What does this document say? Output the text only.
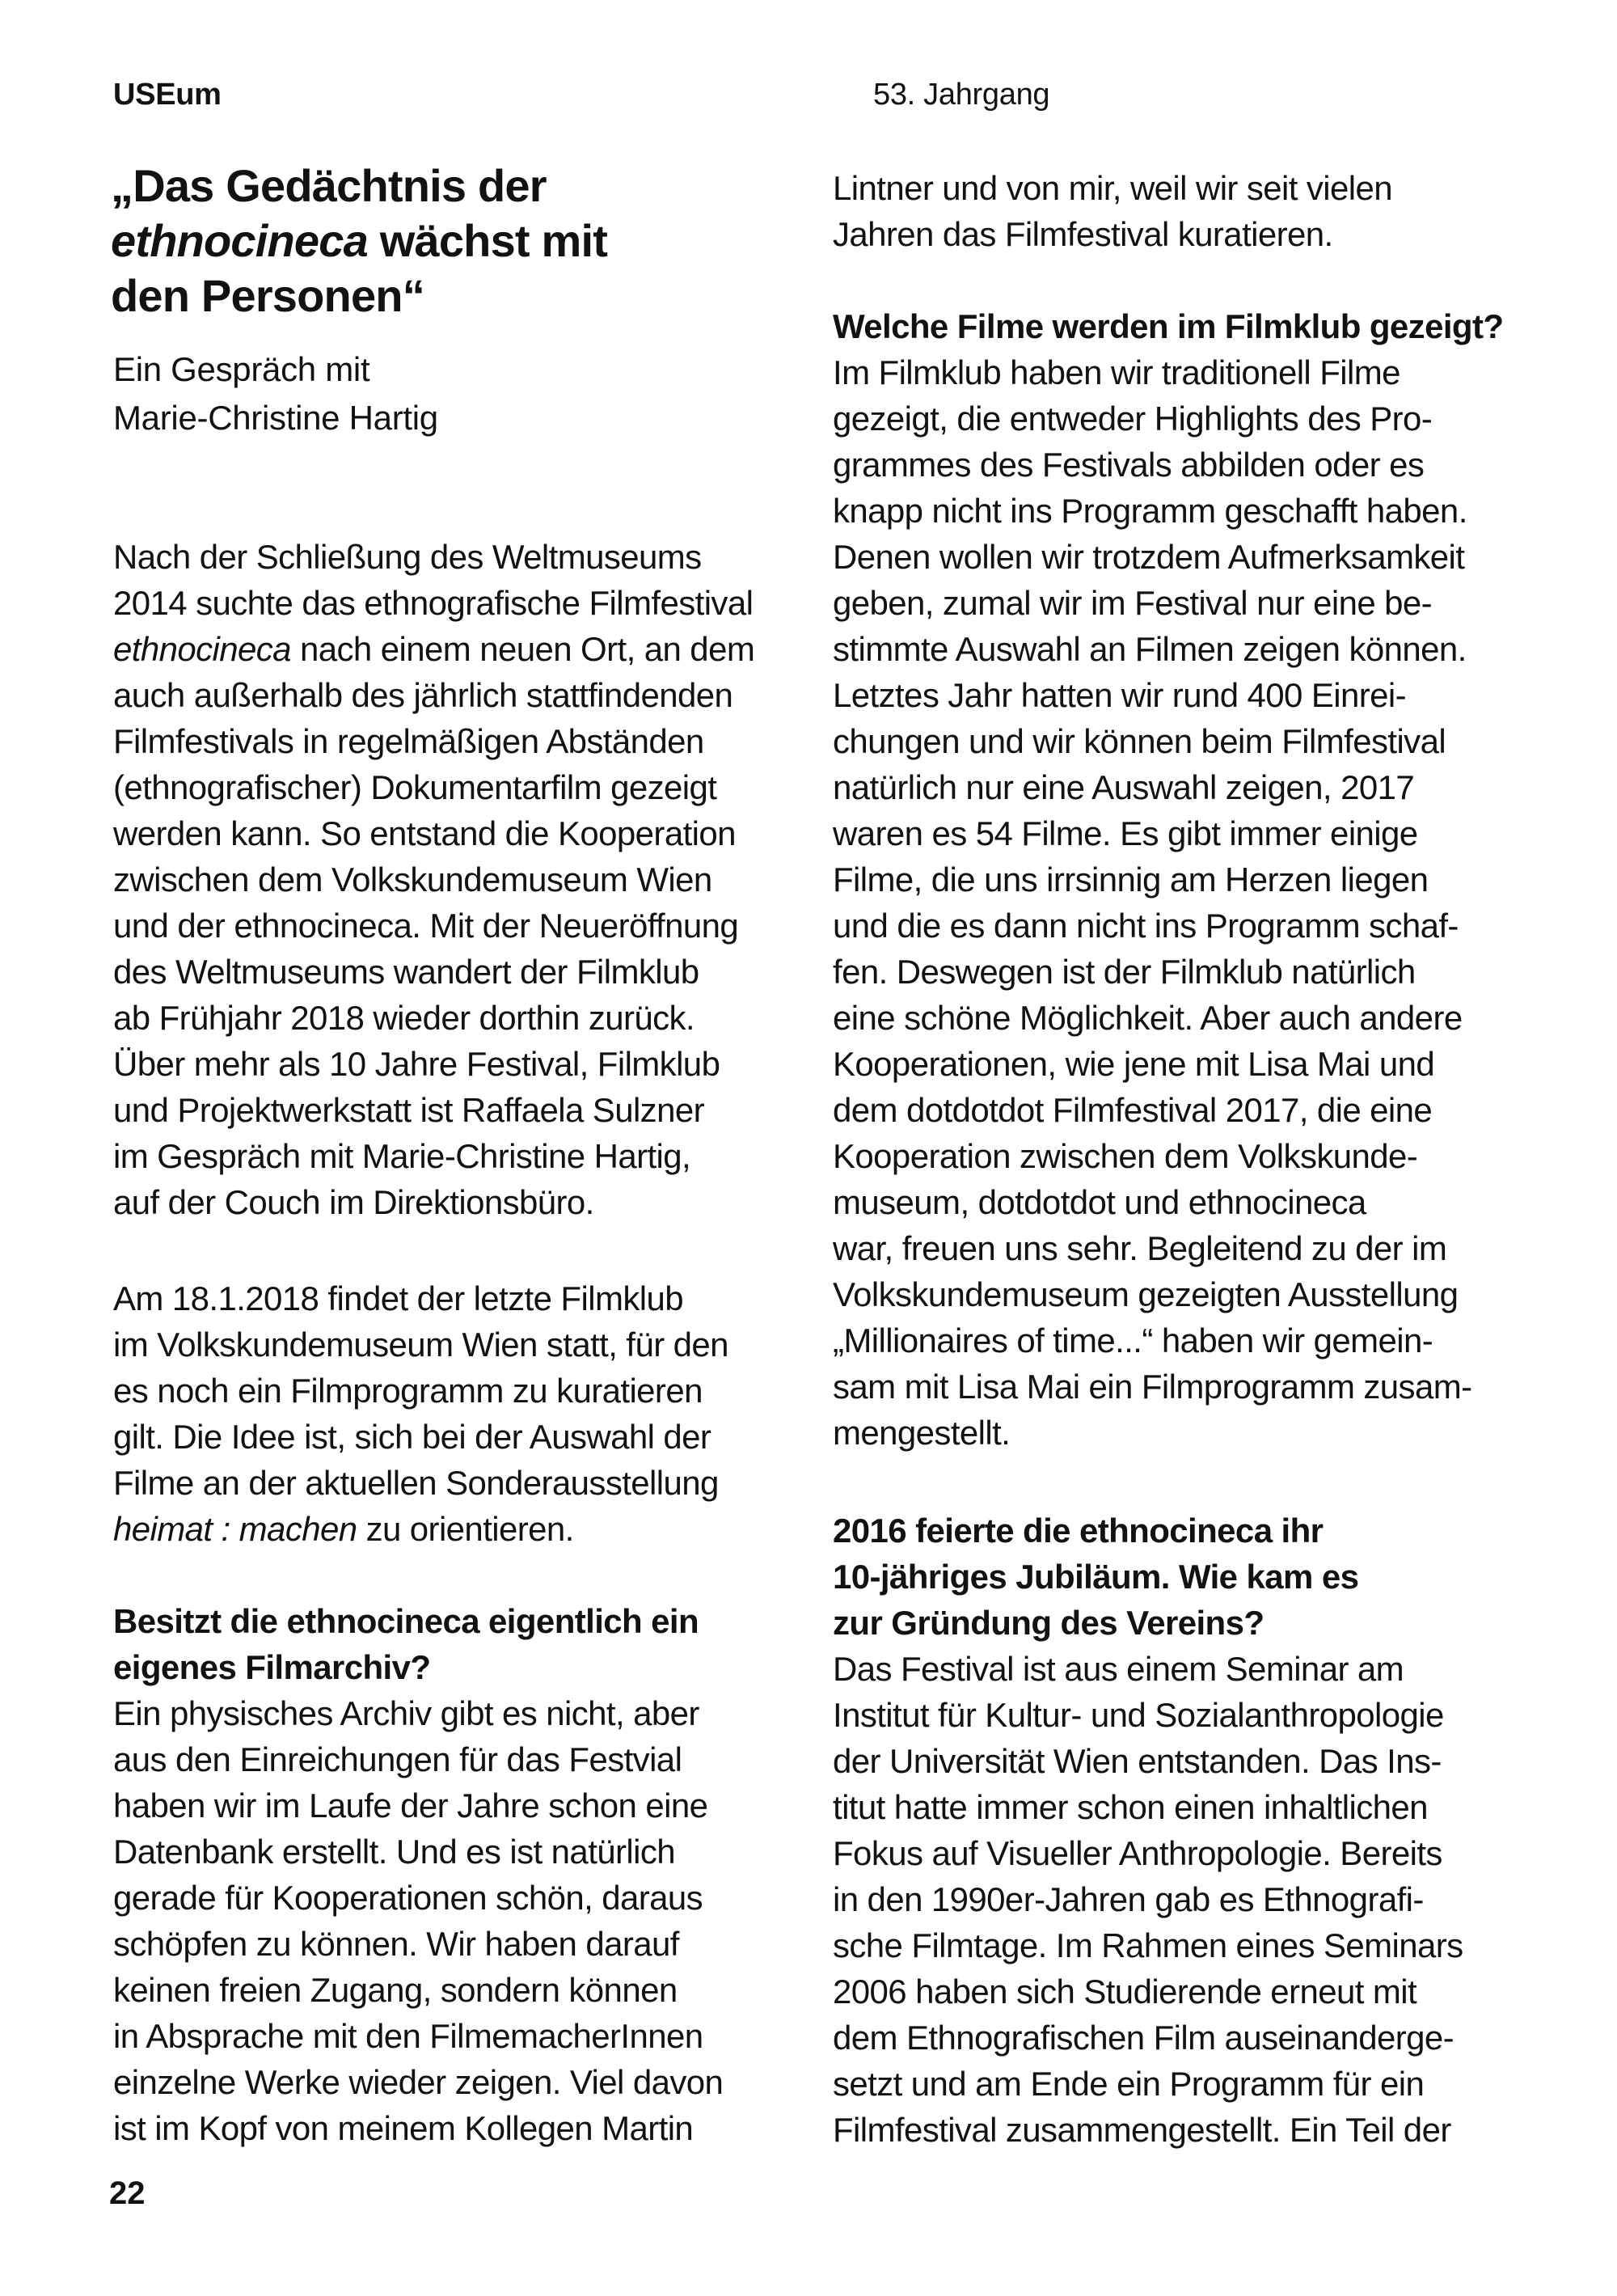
USEum	53. Jahrgang
„Das Gedächtnis der
ethnocineca wächst mit
den Personen“
Ein Gespräch mit
Marie-Christine Hartig
Nach der Schließung des Weltmuseums
2014 suchte das ethnografische Filmfestival
ethnocineca nach einem neuen Ort, an dem
auch außerhalb des jährlich stattfindenden
Filmfestivals in regelmäßigen Abständen
(ethnografischer) Dokumentarfilm gezeigt
werden kann. So entstand die Kooperation
zwischen dem Volkskundemuseum Wien
und der ethnocineca. Mit der Neueröffnung
des Weltmuseums wandert der Filmklub
ab Frühjahr 2018 wieder dorthin zurück.
Über mehr als 10 Jahre Festival, Filmklub
und Projektwerkstatt ist Raffaela Sulzner
im Gespräch mit Marie-Christine Hartig,
auf der Couch im Direktionsbüro.
Am 18.1.2018 findet der letzte Filmklub
im Volkskundemuseum Wien statt, für den
es noch ein Filmprogramm zu kuratieren
gilt. Die Idee ist, sich bei der Auswahl der
Filme an der aktuellen Sonderausstellung
heimat : machen zu orientieren.
Besitzt die ethnocineca eigentlich ein
eigenes Filmarchiv?
Ein physisches Archiv gibt es nicht, aber
aus den Einreichungen für das Festvial
haben wir im Laufe der Jahre schon eine
Datenbank erstellt. Und es ist natürlich
gerade für Kooperationen schön, daraus
schöpfen zu können. Wir haben darauf
keinen freien Zugang, sondern können
in Absprache mit den FilmemacherInnen
einzelne Werke wieder zeigen. Viel davon
ist im Kopf von meinem Kollegen Martin
22
Lintner und von mir, weil wir seit vielen
Jahren das Filmfestival kuratieren.
Welche Filme werden im Filmklub gezeigt?
Im Filmklub haben wir traditionell Filme
gezeigt, die entweder Highlights des Pro-
grammes des Festivals abbilden oder es
knapp nicht ins Programm geschafft haben.
Denen wollen wir trotzdem Aufmerksamkeit
geben, zumal wir im Festival nur eine be-
stimmte Auswahl an Filmen zeigen können.
Letztes Jahr hatten wir rund 400 Einrei-
chungen und wir können beim Filmfestival
natürlich nur eine Auswahl zeigen, 2017
waren es 54 Filme. Es gibt immer einige
Filme, die uns irrsinnig am Herzen liegen
und die es dann nicht ins Programm schaf-
fen. Deswegen ist der Filmklub natürlich
eine schöne Möglichkeit. Aber auch andere
Kooperationen, wie jene mit Lisa Mai und
dem dotdotdot Filmfestival 2017, die eine
Kooperation zwischen dem Volkskunde-
museum, dotdotdot und ethnocineca
war, freuen uns sehr. Begleitend zu der im
Volkskundemuseum gezeigten Ausstellung
„Millionaires of time...“ haben wir gemein-
sam mit Lisa Mai ein Filmprogramm zusam-
mengestellt.
2016 feierte die ethnocineca ihr
10-jähriges Jubiläum. Wie kam es
zur Gründung des Vereins?
Das Festival ist aus einem Seminar am
Institut für Kultur- und Sozialanthropologie
der Universität Wien entstanden. Das Ins-
titut hatte immer schon einen inhaltlichen
Fokus auf Visueller Anthropologie. Bereits
in den 1990er-Jahren gab es Ethnografi-
sche Filmtage. Im Rahmen eines Seminars
2006 haben sich Studierende erneut mit
dem Ethnografischen Film auseinanderge-
setzt und am Ende ein Programm für ein
Filmfestival zusammengestellt. Ein Teil der
